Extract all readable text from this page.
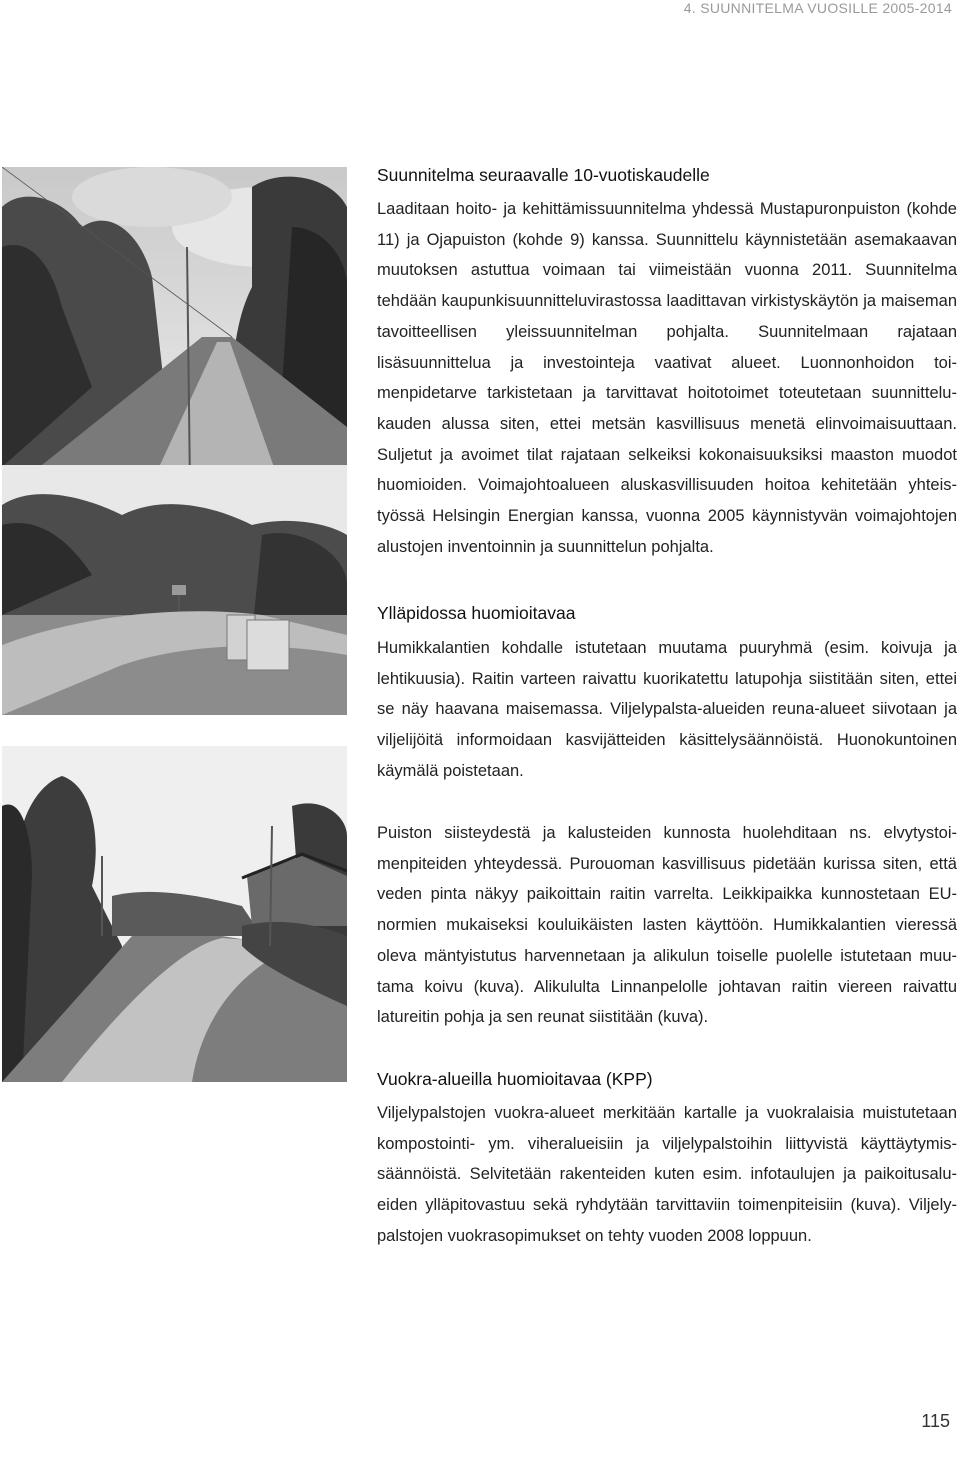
4. SUUNNITELMA VUOSILLE 2005-2014
Suunnitelma seuraavalle 10-vuotiskaudelle

Laaditaan hoito- ja kehittämissuunnitelma yhdessä Mustapuronpuiston (kohde 11) ja Ojapuiston (kohde 9) kanssa. Suunnittelu käynnistetään asemakaavan muutoksen astuttua voimaan tai viimeistään vuonna 2011. Suunnitelma tehdään kaupunkisuunnitteluvirastossa laadittavan virkistyskäytön ja maiseman tavoitteellisen yleissuunnitelman pohjalta. Suunnitelmaan rajataan lisäsuunnittelua ja investointeja vaativat alueet. Luonnonhoidon toimenpidetarve tarkistetaan ja tarvittavat hoitotoimet toteutetaan suunnittelukauden alussa siten, ettei metsän kasvillisuus menetä elinvoimaisuuttaan. Suljetut ja avoimet tilat rajataan selkeiksi kokonaisuuksiksi maaston muodot huomioiden. Voimajohtoalueen aluskasvillisuuden hoitoa kehitetään yhteistyössä Helsingin Energian kanssa, vuonna 2005 käynnistyvän voimajohtojen alustojen inventoinnin ja suunnittelun pohjalta.

Ylläpidossa huomioitavaa

Humikkalantien kohdalle istutetaan muutama puuryhmä (esim. koivuja ja lehtikuusia). Raitin varteen raivattu kuorikatettu latupohja siistitään siten, ettei se näy haavana maisemassa. Viljelypalsta-alueiden reuna-alueet siivotaan ja viljelijöitä informoidaan kasvijätteiden käsittelysäännöistä. Huonokuntoinen käymälä poistetaan.

Puiston siisteydestä ja kalusteiden kunnosta huolehditaan ns. elvytystoimenpiteiden yhteydessä. Purouoman kasvillisuus pidetään kurissa siten, että veden pinta näkyy paikoittain raitin varrelta. Leikkipaikka kunnostetaan EU-normien mukaiseksi kouluikäisten lasten käyttöön. Humikkalantien vieressä oleva mäntyistutus harvennetaan ja alikulun toiselle puolelle istutetaan muutama koivu (kuva). Alikululta Linnanpelolle johtavan raitin viereen raivattu latureitin pohja ja sen reunat siistitään (kuva).

Vuokra-alueilla huomioitavaa (KPP)

Viljelypalstojen vuokra-alueet merkitään kartalle ja vuokralaisia muistutetaan kompostointi- ym. viheralueisiin ja viljelypalstoihin liittyvistä käyttäytymissäännöistä. Selvitetään rakenteiden kuten esim. infotaulujen ja paikoitusalueiden ylläpitovastuu sekä ryhdytään tarvittaviin toimenpiteisiin (kuva). Viljelypalstojen vuokrasopimukset on tehty vuoden 2008 loppuun.

115
